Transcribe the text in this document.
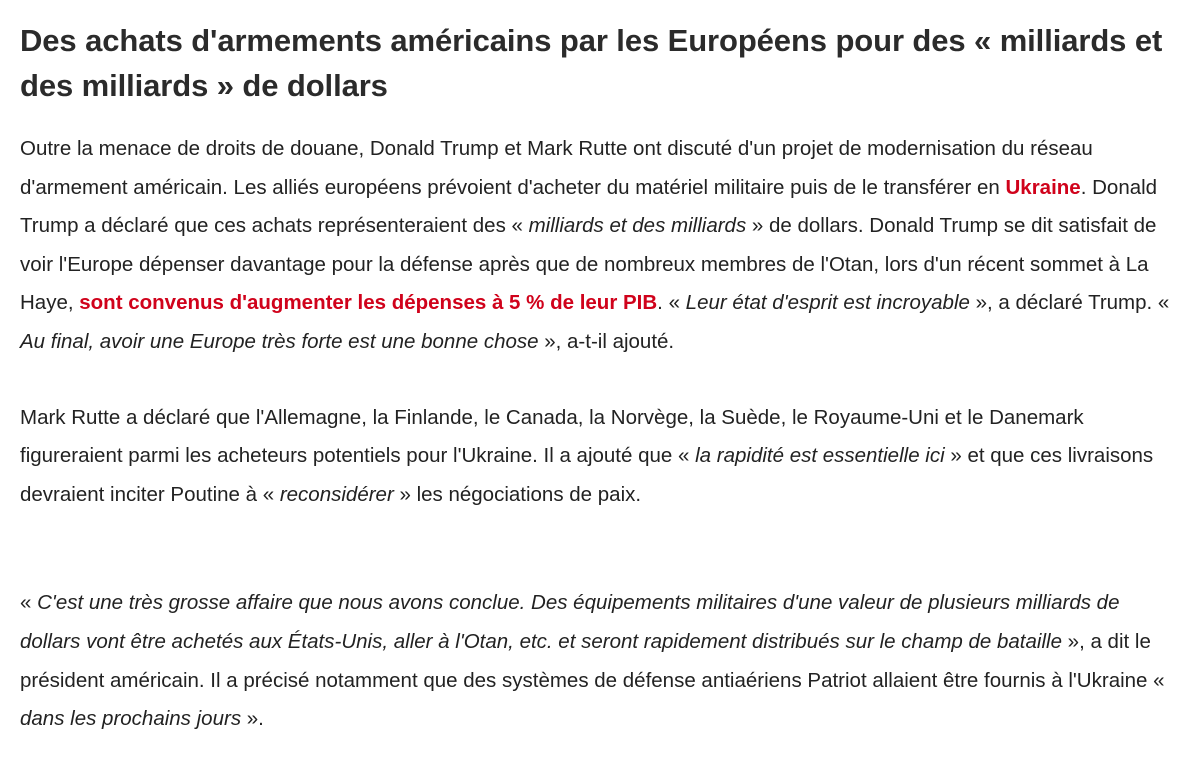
Des achats d'armements américains par les Européens pour des « milliards et des milliards » de dollars

Outre la menace de droits de douane, Donald Trump et Mark Rutte ont discuté d'un projet de modernisation du réseau d'armement américain. Les alliés européens prévoient d'acheter du matériel militaire puis de le transférer en Ukraine. Donald Trump a déclaré que ces achats représenteraient des « milliards et des milliards » de dollars. Donald Trump se dit satisfait de voir l'Europe dépenser davantage pour la défense après que de nombreux membres de l'Otan, lors d'un récent sommet à La Haye, sont convenus d'augmenter les dépenses à 5 % de leur PIB. « Leur état d'esprit est incroyable », a déclaré Trump. « Au final, avoir une Europe très forte est une bonne chose », a-t-il ajouté.

Mark Rutte a déclaré que l'Allemagne, la Finlande, le Canada, la Norvège, la Suède, le Royaume-Uni et le Danemark figureraient parmi les acheteurs potentiels pour l'Ukraine. Il a ajouté que « la rapidité est essentielle ici » et que ces livraisons devraient inciter Poutine à « reconsidérer » les négociations de paix.

« C'est une très grosse affaire que nous avons conclue. Des équipements militaires d'une valeur de plusieurs milliards de dollars vont être achetés aux États-Unis, aller à l'Otan, etc. et seront rapidement distribués sur le champ de bataille », a dit le président américain. Il a précisé notamment que des systèmes de défense antiaériens Patriot allaient être fournis à l'Ukraine « dans les prochains jours ».
